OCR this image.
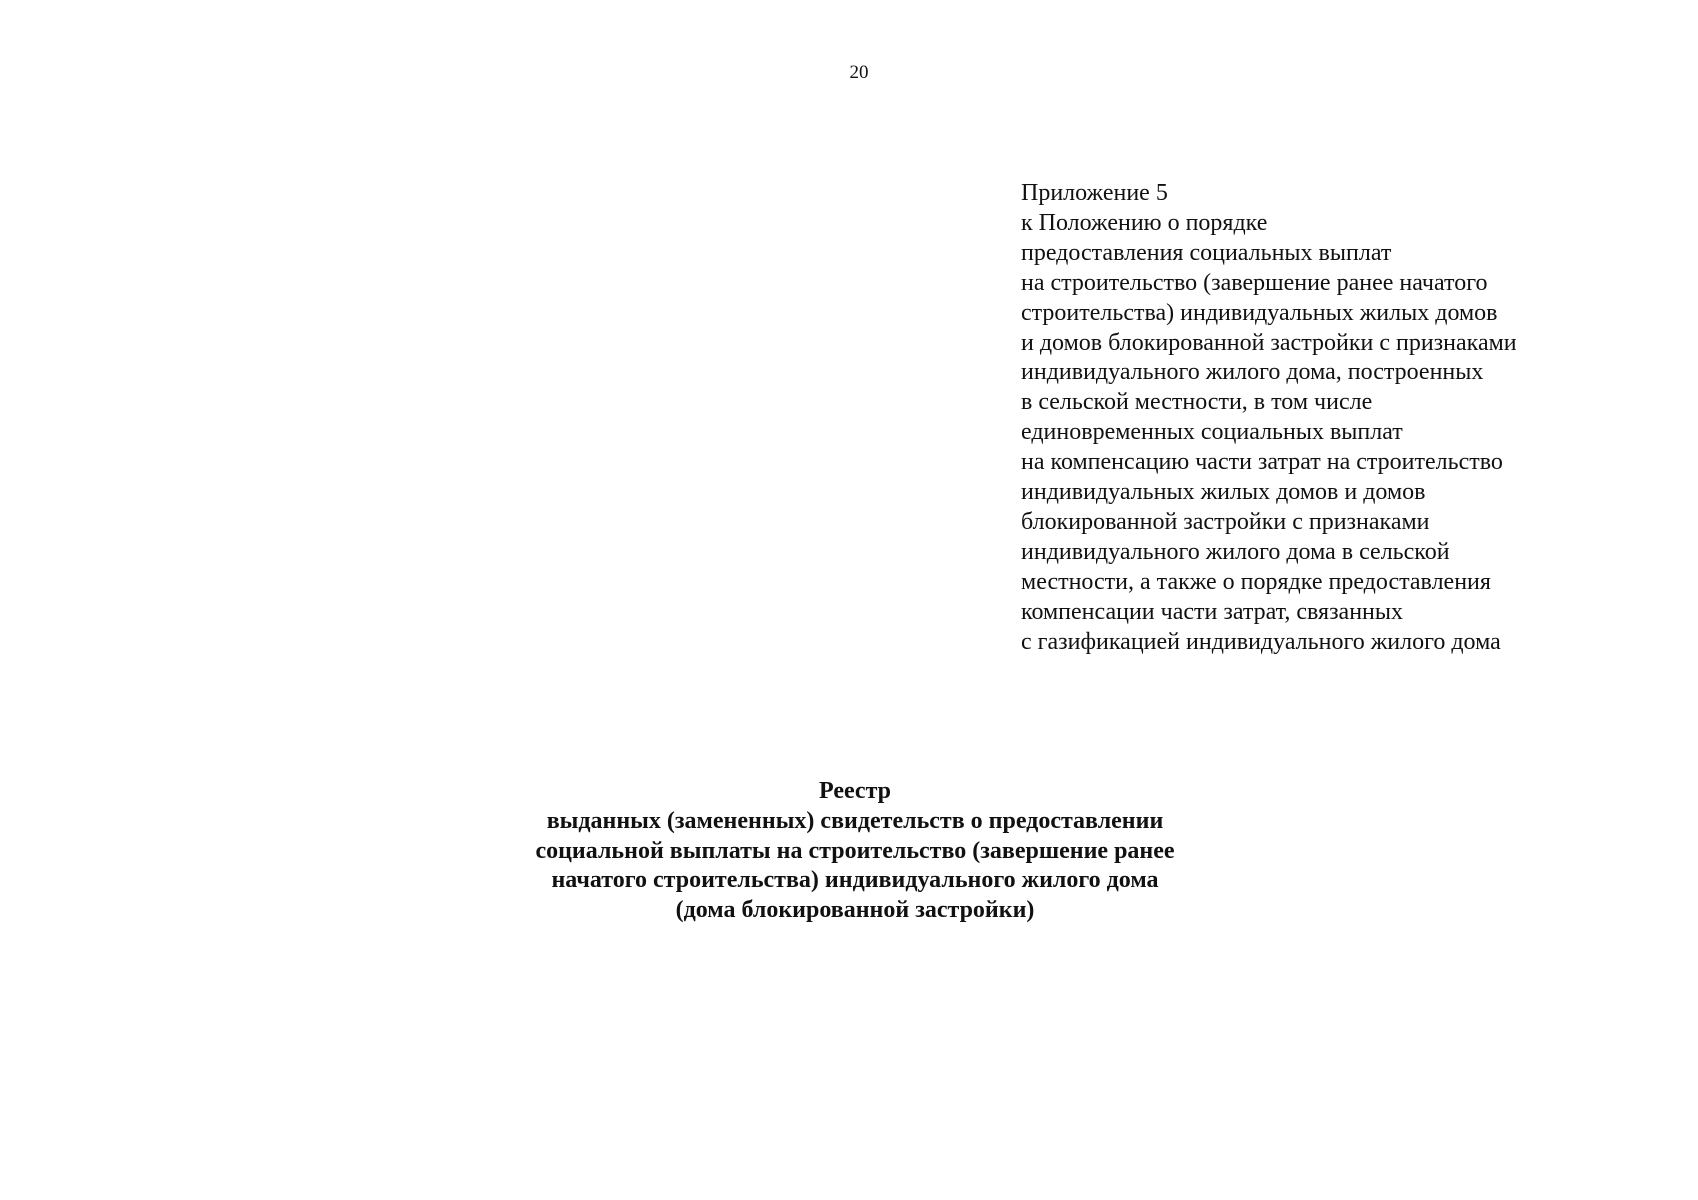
20
Приложение 5
к Положению о порядке
предоставления социальных выплат
на строительство (завершение ранее начатого
строительства) индивидуальных жилых домов
и домов блокированной застройки с признаками
индивидуального жилого дома, построенных
в сельской местности, в том числе
единовременных социальных выплат
на компенсацию части затрат на строительство
индивидуальных жилых домов и домов
блокированной застройки с признаками
индивидуального жилого дома в сельской
местности, а также о порядке предоставления
компенсации части затрат, связанных
с газификацией индивидуального жилого дома
Реестр
выданных (замененных) свидетельств о предоставлении
социальной выплаты на строительство (завершение ранее
начатого строительства) индивидуального жилого дома
(дома блокированной застройки)
